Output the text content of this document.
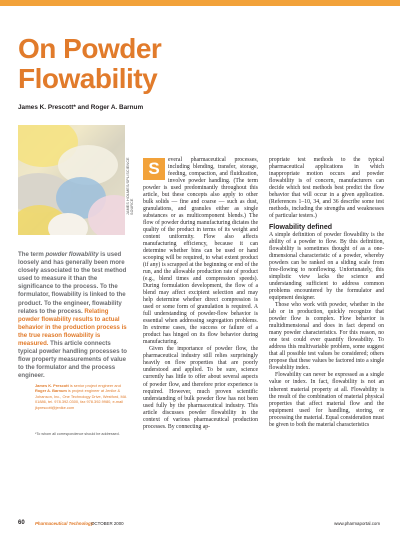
On Powder
Flowability
James K. Prescott* and Roger A. Barnum
JAMES HOLMES/SPL/SCIENCE SOURCE
The term powder flowability is used loosely and has generally been more closely associated to the test method used to measure it than the significance to the process. To the formulator, flowability is linked to the product. To the engineer, flowability relates to the process. Relating powder flowability results to actual behavior in the production process is the true reason flowability is measured. This article connects typical powder handling processes to flow property measurements of value to the formulator and the process engineer.
James K. Prescott is senior project engineer and Roger A. Barnum is project engineer at Jenike & Johanson, Inc., One Technology Drive, Westford, MA 01886, tel. 978.392.0300, fax 978.392.9980, e-mail jkprescott@jenike.com
*To whom all correspondence should be addressed.

S	everal pharmaceutical processes, including blending, transfer, storage, feeding, compaction, and fluidization, involve powder handling. (The term powder is used predominantly throughout this article, but these concepts also apply to other bulk solids — fine and coarse — such as dust, granulations, and granules either as single substances or as multicomponent blends.) The flow of powder during manufacturing dictates the quality of the product in terms of its weight and content uniformity. Flow also affects manufacturing efficiency, because it can determine whether bins can be used or hand scooping will be required, to what extent product (if any) is scrapped at the beginning or end of the run, and the allowable production rate of product (e.g., blend times and compression speeds). During formulation development, the flow of a blend may affect excipient selection and may help determine whether direct compression is used or some form of granulation is required. A full understanding of powder-flow behavior is essential when addressing segregation problems. In extreme cases, the success or failure of a product has hinged on its flow behavior during manufacturing.

Given the importance of powder flow, the pharmaceutical industry still relies surprisingly heavily on flow properties that are poorly understood and applied. To be sure, science currently has little to offer about several aspects of powder flow, and therefore prior experience is required. However, much proven scientific understanding of bulk powder flow has not been used fully by the pharmaceutical industry. This article discusses powder flowability in the context of various pharmaceutical production processes. By connecting ap-

propriate test methods to the typical pharmaceutical applications in which inappropriate motion occurs and powder flowability is of concern, manufacturers can decide which test methods best predict the flow behavior that will occur in a given application. (References 1–10, 34, and 36 describe some test methods, including the strengths and weaknesses of particular testers.)

Flowability defined

A simple definition of powder flowability is the ability of a powder to flow. By this definition, flowability is sometimes thought of as a one-dimensional characteristic of a powder, whereby powders can be ranked on a sliding scale from free-flowing to nonflowing. Unfortunately, this simplistic view lacks the science and understanding sufficient to address common problems encountered by the formulator and equipment designer.

Those who work with powder, whether in the lab or in production, quickly recognize that powder flow is complex. Flow behavior is multidimensional and does in fact depend on many powder characteristics. For this reason, no one test could ever quantify flowability. To address this multivariable problem, some suggest that all possible test values be considered; others propose that these values be factored into a single flowability index.

Flowability can never be expressed as a single value or index. In fact, flowability is not an inherent material property at all. Flowability is the result of the combination of material physical properties that affect material flow and the equipment used for handling, storing, or processing the material. Equal consideration must be given to both the material characteristics

60 Pharmaceutical Technology
OCTOBER 2000	www.pharmaportal.com
